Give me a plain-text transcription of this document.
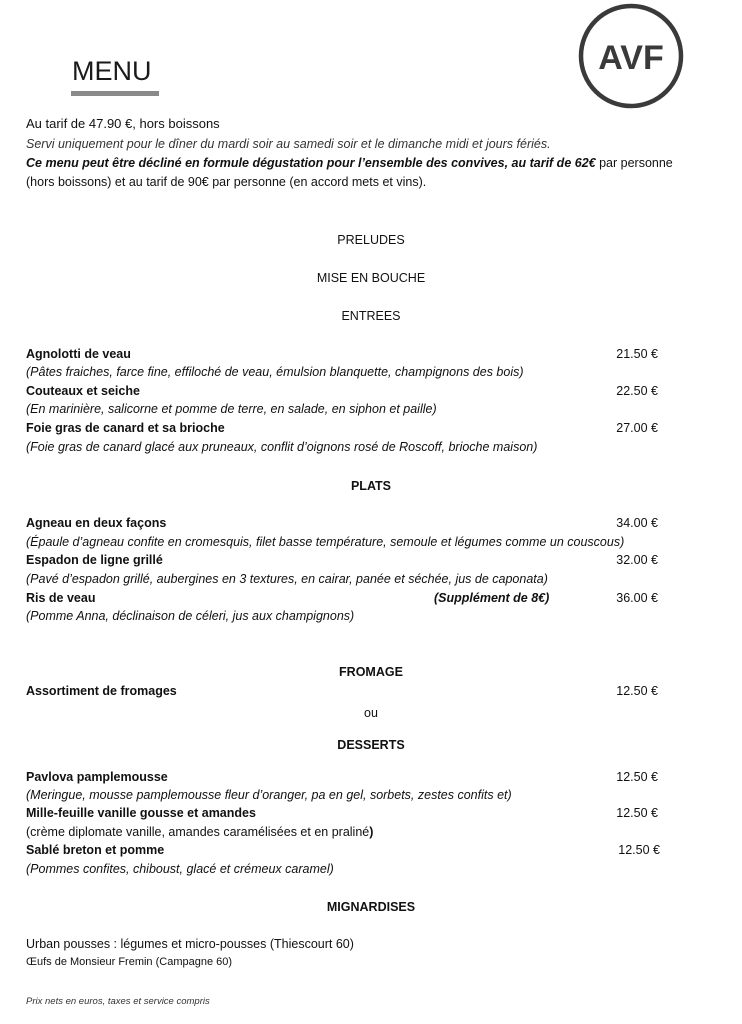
MENU	AVF
Au tarif de 47.90 €, hors boissons
Servi uniquement pour le dîner du mardi soir au samedi soir et le dimanche midi et jours fériés.
Ce menu peut être décliné en formule dégustation pour l’ensemble des convives, au tarif de 62€ par personne
(hors boissons) et au tarif de 90€ par personne (en accord mets et vins).
PRELUDES
MISE EN BOUCHE
ENTREES
Agnolotti de veau	21.50 €
(Pâtes fraiches, farce fine, effiloché de veau, émulsion blanquette, champignons des bois)
Couteaux et seiche	22.50 €
(En marinière, salicorne et pomme de terre, en salade, en siphon et paille)
Foie gras de canard et sa brioche	27.00 €
(Foie gras de canard glacé aux pruneaux, conflit d’oignons rosé de Roscoff, brioche maison)
PLATS
Agneau en deux façons	34.00 €
(Épaule d’agneau confite en cromesquis, filet basse température, semoule et légumes comme un couscous)
Espadon de ligne grillé	32.00 €
(Pavé d’espadon grillé, aubergines en 3 textures, en cairar, panée et séchée, jus de caponata)
Ris de veau	(Supplément de 8€)	36.00 €
(Pomme Anna, déclinaison de céleri, jus aux champignons)
FROMAGE
Assortiment de fromages	12.50 €
ou
DESSERTS
Pavlova pamplemousse	12.50 €
(Meringue, mousse pamplemousse fleur d’oranger, pa en gel, sorbets, zestes confits et)
Mille-feuille vanille gousse et amandes	12.50 €
(crème diplomate vanille, amandes caramélisées et en praliné)
Sablé breton et pomme	12.50 €
(Pommes confites, chiboust, glacé et crémeux caramel)
MIGNARDISES
Urban pousses : légumes et micro-pousses (Thiescourt 60)
Œufs de Monsieur Fremin (Campagne 60)
Prix nets en euros, taxes et service compris
